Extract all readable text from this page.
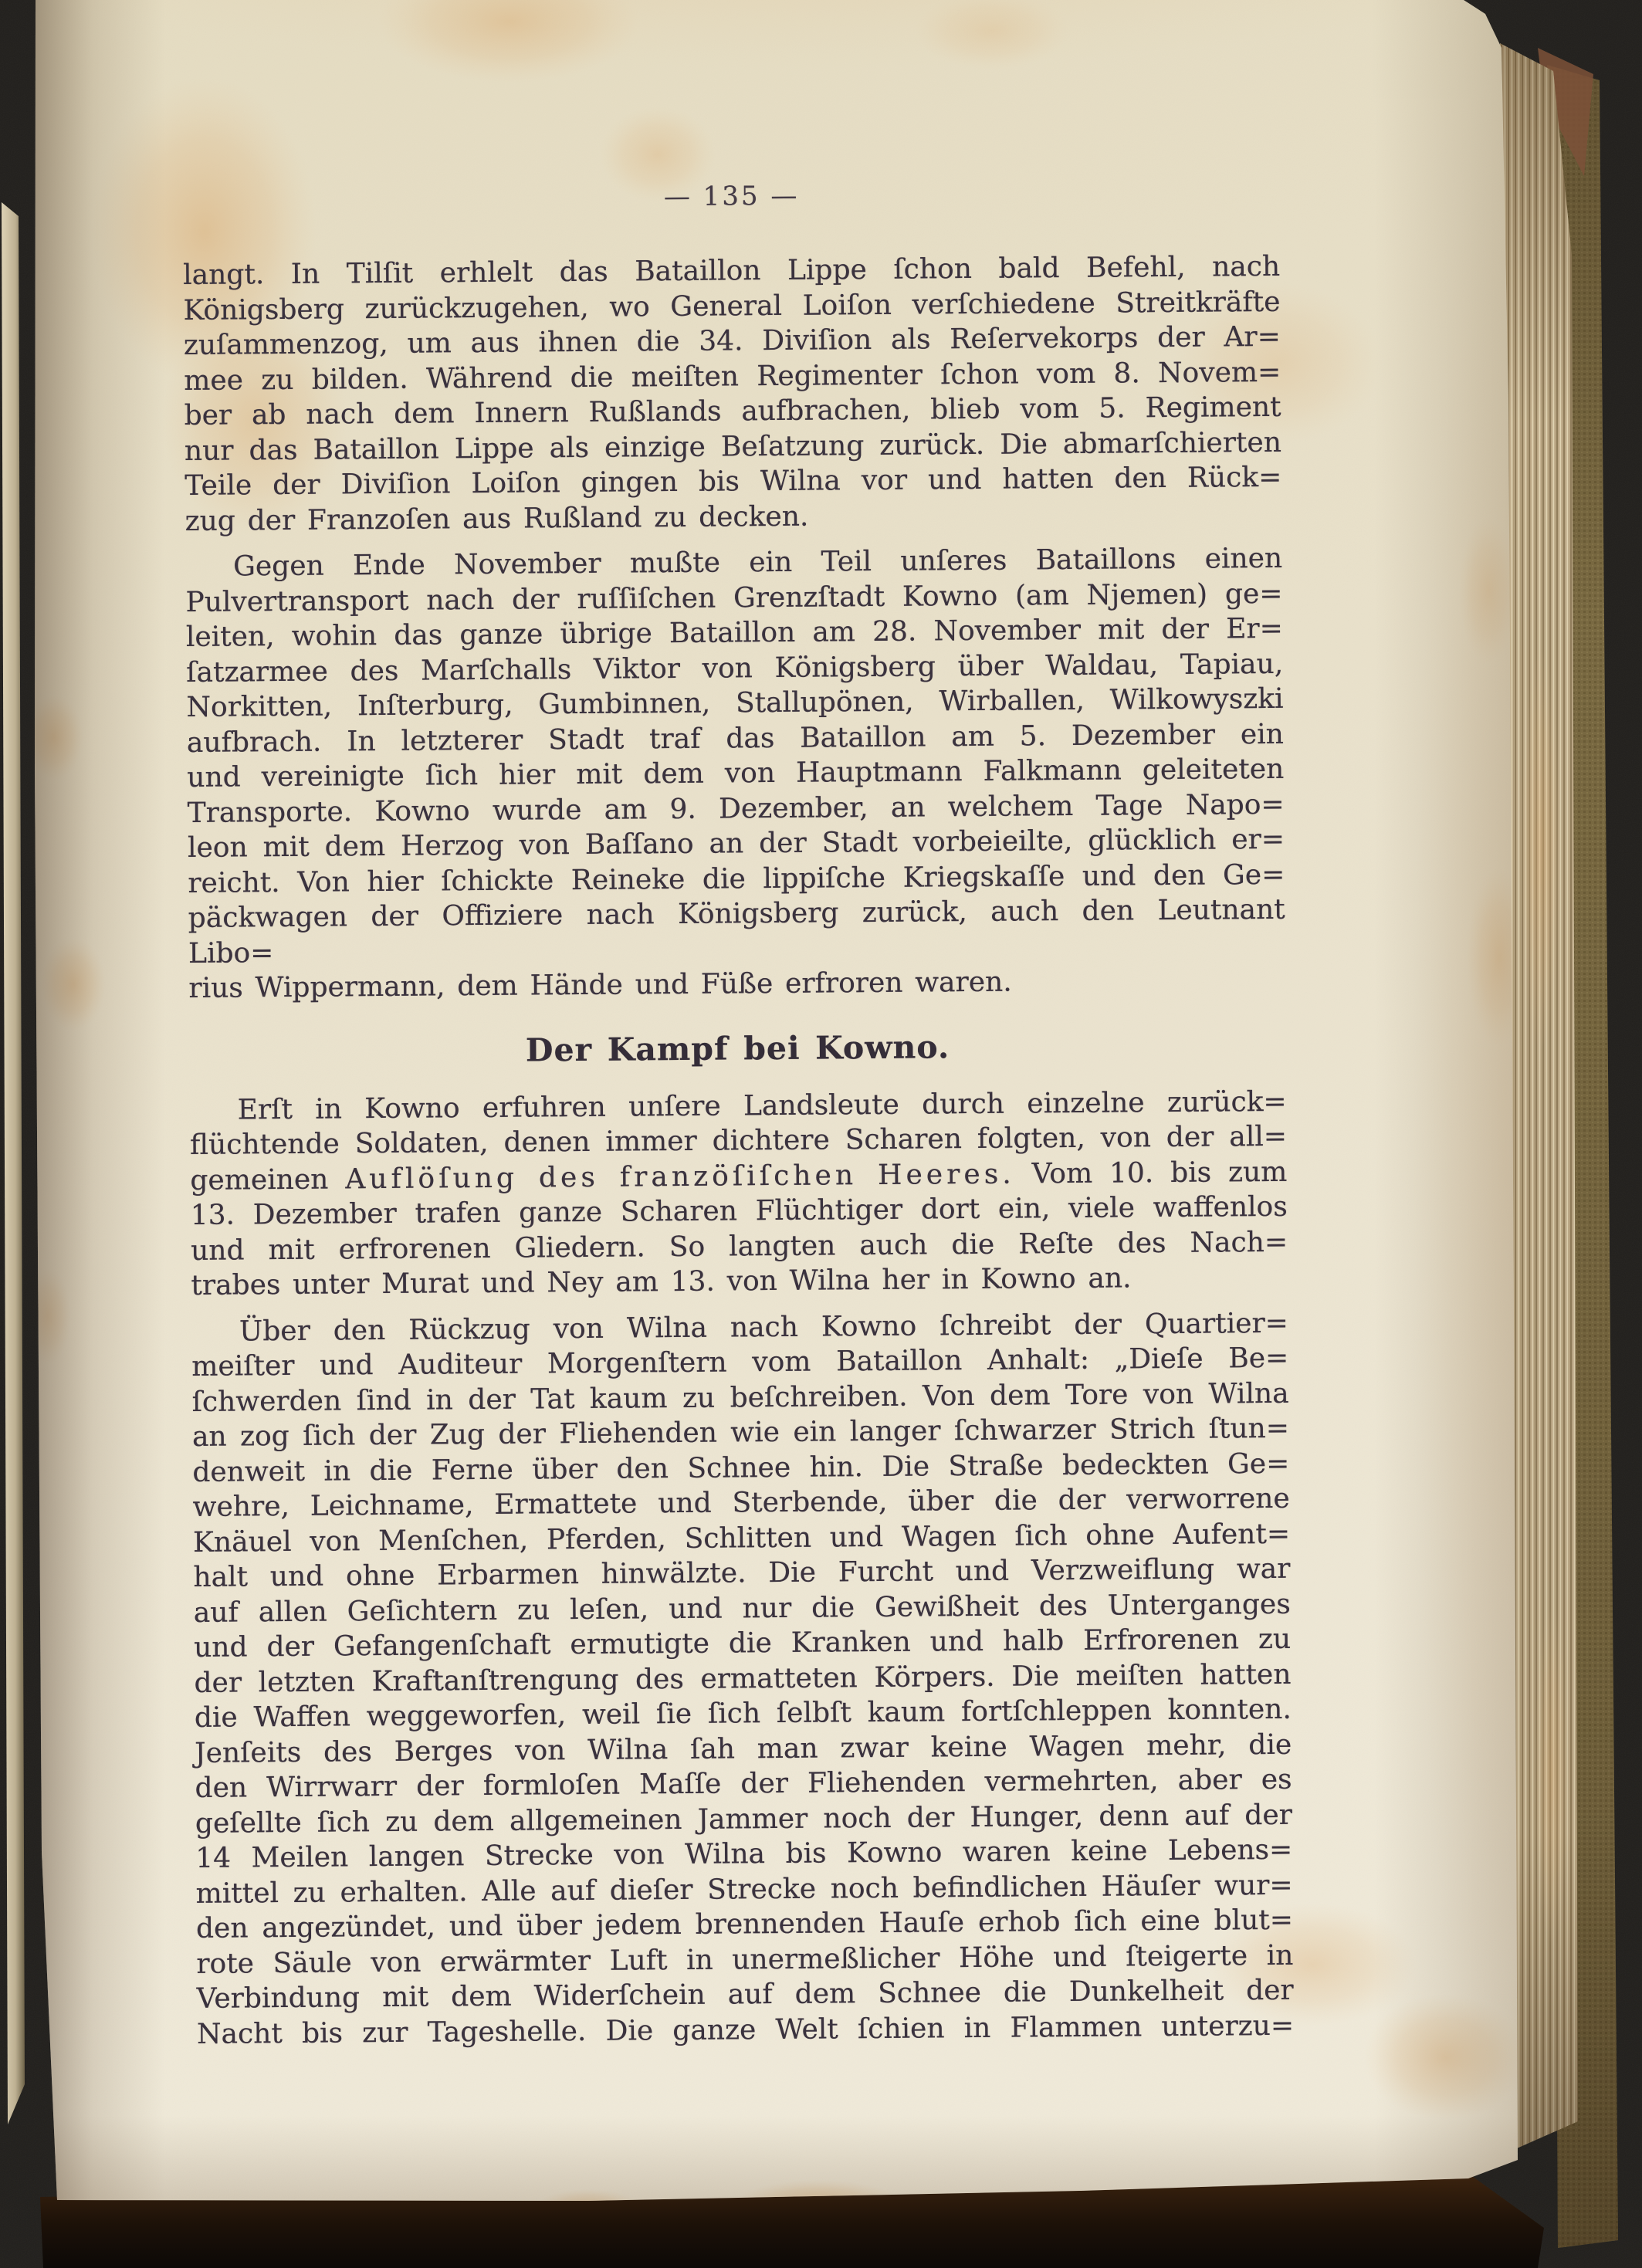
— 135 —
langt. In Tilſit erhlelt das Bataillon Lippe ſchon bald Befehl, nach
Königsberg zurückzugehen, wo General Loiſon verſchiedene Streitkräfte
zuſammenzog, um aus ihnen die 34. Diviſion als Reſervekorps der Ar=
mee zu bilden. Während die meiſten Regimenter ſchon vom 8. Novem=
ber ab nach dem Innern Rußlands aufbrachen, blieb vom 5. Regiment
nur das Bataillon Lippe als einzige Beſatzung zurück. Die abmarſchierten
Teile der Diviſion Loiſon gingen bis Wilna vor und hatten den Rück=
zug der Franzoſen aus Rußland zu decken.
Gegen Ende November mußte ein Teil unſeres Bataillons einen
Pulvertransport nach der ruſſiſchen Grenzſtadt Kowno (am Njemen) ge=
leiten, wohin das ganze übrige Bataillon am 28. November mit der Er=
ſatzarmee des Marſchalls Viktor von Königsberg über Waldau, Tapiau,
Norkitten, Inſterburg, Gumbinnen, Stallupönen, Wirballen, Wilkowyszki
aufbrach. In letzterer Stadt traf das Bataillon am 5. Dezember ein
und vereinigte ſich hier mit dem von Hauptmann Falkmann geleiteten
Transporte. Kowno wurde am 9. Dezember, an welchem Tage Napo=
leon mit dem Herzog von Baſſano an der Stadt vorbeieilte, glücklich er=
reicht. Von hier ſchickte Reineke die lippiſche Kriegskaſſe und den Ge=
päckwagen der Offiziere nach Königsberg zurück, auch den Leutnant Libo=
rius Wippermann, dem Hände und Füße erfroren waren.
Der Kampf bei Kowno.
Erſt in Kowno erfuhren unſere Landsleute durch einzelne zurück=
flüchtende Soldaten, denen immer dichtere Scharen folgten, von der all=
gemeinen Auflöſung des franzöſiſchen Heeres. Vom 10. bis zum
13. Dezember trafen ganze Scharen Flüchtiger dort ein, viele waffenlos
und mit erfrorenen Gliedern. So langten auch die Reſte des Nach=
trabes unter Murat und Ney am 13. von Wilna her in Kowno an.
Über den Rückzug von Wilna nach Kowno ſchreibt der Quartier=
meiſter und Auditeur Morgenſtern vom Bataillon Anhalt: „Dieſe Be=
ſchwerden ſind in der Tat kaum zu beſchreiben. Von dem Tore von Wilna
an zog ſich der Zug der Fliehenden wie ein langer ſchwarzer Strich ſtun=
denweit in die Ferne über den Schnee hin. Die Straße bedeckten Ge=
wehre, Leichname, Ermattete und Sterbende, über die der verworrene
Knäuel von Menſchen, Pferden, Schlitten und Wagen ſich ohne Aufent=
halt und ohne Erbarmen hinwälzte. Die Furcht und Verzweiflung war
auf allen Geſichtern zu leſen, und nur die Gewißheit des Unterganges
und der Gefangenſchaft ermutigte die Kranken und halb Erfrorenen zu
der letzten Kraftanſtrengung des ermatteten Körpers. Die meiſten hatten
die Waffen weggeworfen, weil ſie ſich ſelbſt kaum fortſchleppen konnten.
Jenſeits des Berges von Wilna ſah man zwar keine Wagen mehr, die
den Wirrwarr der formloſen Maſſe der Fliehenden vermehrten, aber es
geſellte ſich zu dem allgemeinen Jammer noch der Hunger, denn auf der
14 Meilen langen Strecke von Wilna bis Kowno waren keine Lebens=
mittel zu erhalten. Alle auf dieſer Strecke noch befindlichen Häuſer wur=
den angezündet, und über jedem brennenden Hauſe erhob ſich eine blut=
rote Säule von erwärmter Luft in unermeßlicher Höhe und ſteigerte in
Verbindung mit dem Widerſchein auf dem Schnee die Dunkelheit der
Nacht bis zur Tageshelle. Die ganze Welt ſchien in Flammen unterzu=
